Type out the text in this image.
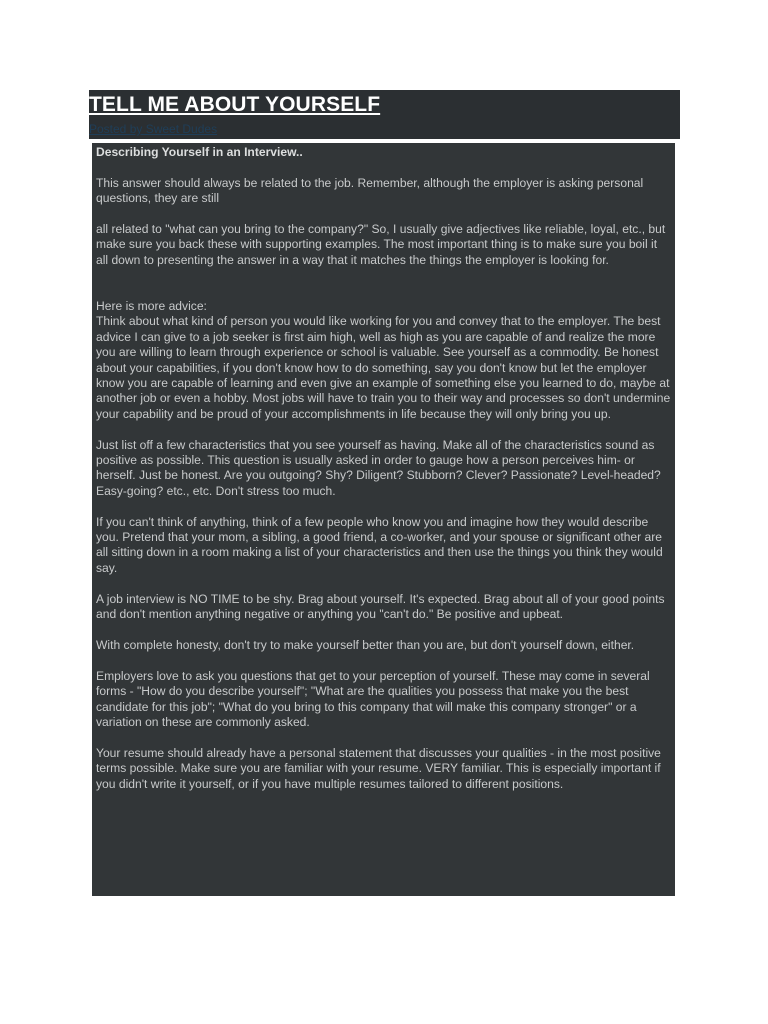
TELL ME ABOUT YOURSELF
Posted by Sweet Dudes

Describing Yourself in an Interview..

This answer should always be related to the job. Remember, although the employer is asking personal questions, they are still

all related to "what can you bring to the company?" So, I usually give adjectives like reliable, loyal, etc., but make sure you back these with supporting examples. The most important thing is to make sure you boil it all down to presenting the answer in a way that it matches the things the employer is looking for.

Here is more advice:

Think about what kind of person you would like working for you and convey that to the employer. The best advice I can give to a job seeker is first aim high, well as high as you are capable of and realize the more you are willing to learn through experience or school is valuable. See yourself as a commodity. Be honest about your capabilities, if you don't know how to do something, say you don't know but let the employer know you are capable of learning and even give an example of something else you learned to do, maybe at another job or even a hobby. Most jobs will have to train you to their way and processes so don't undermine your capability and be proud of your accomplishments in life because they will only bring you up.

Just list off a few characteristics that you see yourself as having. Make all of the characteristics sound as positive as possible. This question is usually asked in order to gauge how a person perceives him- or herself. Just be honest. Are you outgoing? Shy? Diligent? Stubborn? Clever? Passionate? Level-headed? Easy-going? etc., etc. Don't stress too much.

If you can't think of anything, think of a few people who know you and imagine how they would describe you. Pretend that your mom, a sibling, a good friend, a co-worker, and your spouse or significant other are all sitting down in a room making a list of your characteristics and then use the things you think they would say.

A job interview is NO TIME to be shy. Brag about yourself. It's expected. Brag about all of your good points and don't mention anything negative or anything you "can't do." Be positive and upbeat.

With complete honesty, don't try to make yourself better than you are, but don't yourself down, either.

Employers love to ask you questions that get to your perception of yourself. These may come in several forms - "How do you describe yourself"; "What are the qualities you possess that make you the best candidate for this job"; "What do you bring to this company that will make this company stronger" or a variation on these are commonly asked.

Your resume should already have a personal statement that discusses your qualities - in the most positive terms possible. Make sure you are familiar with your resume. VERY familiar. This is especially important if you didn't write it yourself, or if you have multiple resumes tailored to different positions.
